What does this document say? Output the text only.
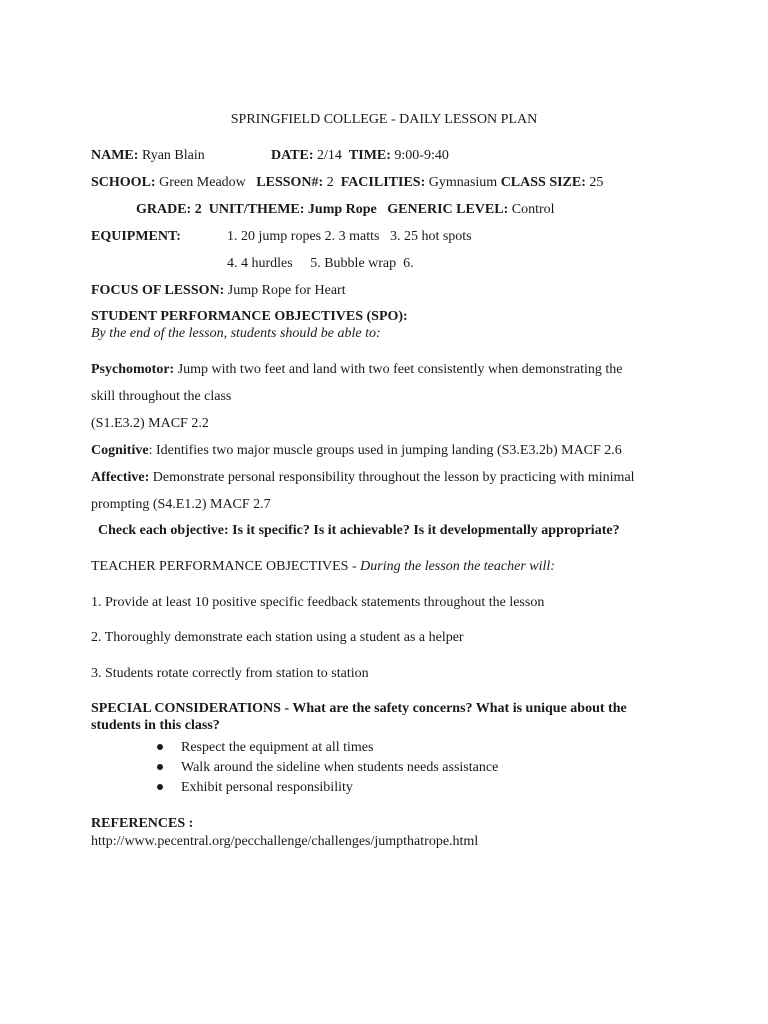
SPRINGFIELD COLLEGE - DAILY LESSON PLAN
NAME: Ryan Blain	DATE: 2/14 TIME: 9:00-9:40
SCHOOL: Green Meadow LESSON#: 2 FACILITIES: Gymnasium CLASS SIZE: 25
GRADE: 2 UNIT/THEME: Jump Rope GENERIC LEVEL: Control
EQUIPMENT:	1. 20 jump ropes 2. 3 matts 3. 25 hot spots
4. 4 hurdles 5. Bubble wrap 6.
FOCUS OF LESSON: Jump Rope for Heart
STUDENT PERFORMANCE OBJECTIVES (SPO):
By the end of the lesson, students should be able to:
Psychomotor: Jump with two feet and land with two feet consistently when demonstrating the
skill throughout the class
(S1.E3.2) MACF 2.2
Cognitive: Identifies two major muscle groups used in jumping landing (S3.E3.2b) MACF 2.6
Affective: Demonstrate personal responsibility throughout the lesson by practicing with minimal
prompting (S4.E1.2) MACF 2.7
Check each objective: Is it specific? Is it achievable? Is it developmentally appropriate?
TEACHER PERFORMANCE OBJECTIVES - During the lesson the teacher will:
1. Provide at least 10 positive specific feedback statements throughout the lesson
2. Thoroughly demonstrate each station using a student as a helper
3. Students rotate correctly from station to station
SPECIAL CONSIDERATIONS - What are the safety concerns? What is unique about the
students in this class?
Respect the equipment at all times
Walk around the sideline when students needs assistance
Exhibit personal responsibility
REFERENCES :
http://www.pecentral.org/pecchallenge/challenges/jumpthatrope.html
